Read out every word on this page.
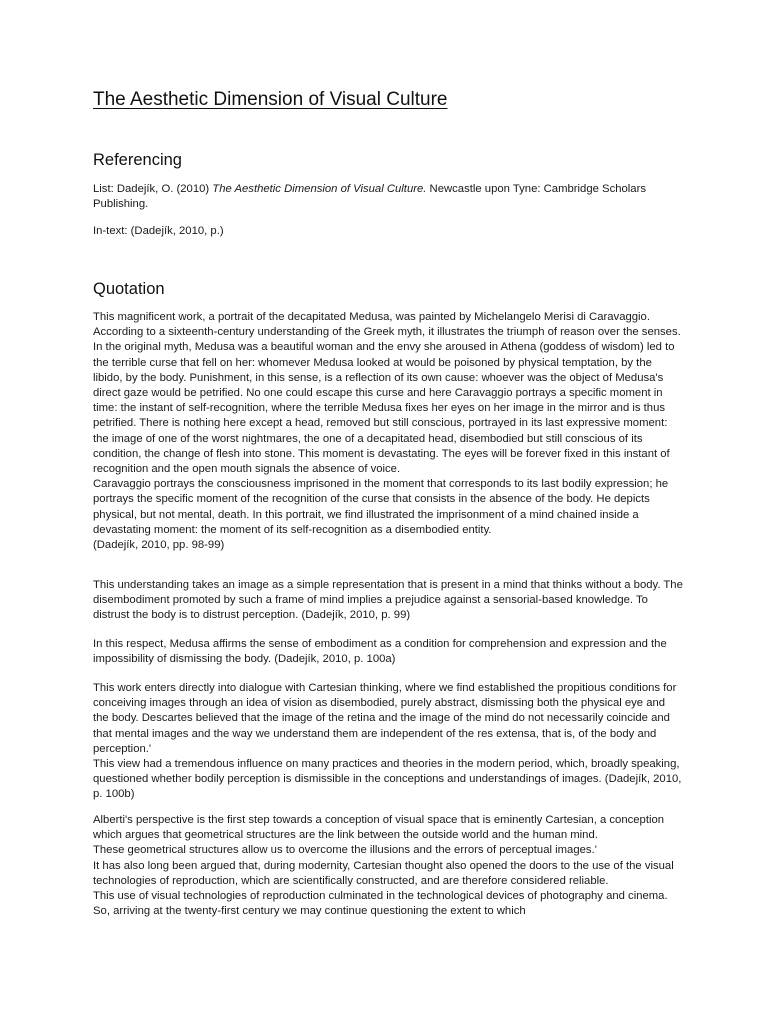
The Aesthetic Dimension of Visual Culture
Referencing

List: Dadejík, O. (2010) The Aesthetic Dimension of Visual Culture. Newcastle upon Tyne: Cambridge Scholars Publishing.

In-text: (Dadejík, 2010, p.)

Quotation

This magnificent work, a portrait of the decapitated Medusa, was painted by Michelangelo Merisi di Caravaggio. According to a sixteenth-century understanding of the Greek myth, it illustrates the triumph of reason over the senses. In the original myth, Medusa was a beautiful woman and the envy she aroused in Athena (goddess of wisdom) led to the terrible curse that fell on her: whomever Medusa looked at would be poisoned by physical temptation, by the libido, by the body. Punishment, in this sense, is a reflection of its own cause: whoever was the object of Medusa's direct gaze would be petrified. No one could escape this curse and here Caravaggio portrays a specific moment in time: the instant of self-recognition, where the terrible Medusa fixes her eyes on her image in the mirror and is thus petrified. There is nothing here except a head, removed but still conscious, portrayed in its last expressive moment: the image of one of the worst nightmares, the one of a decapitated head, disembodied but still conscious of its condition, the change of flesh into stone. This moment is devastating. The eyes will be forever fixed in this instant of recognition and the open mouth signals the absence of voice.

Caravaggio portrays the consciousness imprisoned in the moment that corresponds to its last bodily expression; he portrays the specific moment of the recognition of the curse that consists in the absence of the body. He depicts physical, but not mental, death. In this portrait, we find illustrated the imprisonment of a mind chained inside a devastating moment: the moment of its self-recognition as a disembodied entity.

(Dadejík, 2010, pp. 98-99)

This understanding takes an image as a simple representation that is present in a mind that thinks without a body. The disembodiment promoted by such a frame of mind implies a prejudice against a sensorial-based knowledge. To distrust the body is to distrust perception. (Dadejík, 2010, p. 99)

In this respect, Medusa affirms the sense of embodiment as a condition for comprehension and expression and the impossibility of dismissing the body. (Dadejík, 2010, p. 100a)

This work enters directly into dialogue with Cartesian thinking, where we find established the propitious conditions for conceiving images through an idea of vision as disembodied, purely abstract, dismissing both the physical eye and the body. Descartes believed that the image of the retina and the image of the mind do not necessarily coincide and that mental images and the way we understand them are independent of the res extensa, that is, of the body and perception.'

This view had a tremendous influence on many practices and theories in the modern period, which, broadly speaking, questioned whether bodily perception is dismissible in the conceptions and understandings of images. (Dadejík, 2010, p. 100b)

Alberti's perspective is the first step towards a conception of visual space that is eminently Cartesian, a conception which argues that geometrical structures are the link between the outside world and the human mind.

These geometrical structures allow us to overcome the illusions and the errors of perceptual images.'

It has also long been argued that, during modernity, Cartesian thought also opened the doors to the use of the visual technologies of reproduction, which are scientifically constructed, and are therefore considered reliable.

This use of visual technologies of reproduction culminated in the technological devices of photography and cinema. So, arriving at the twenty-first century we may continue questioning the extent to which
